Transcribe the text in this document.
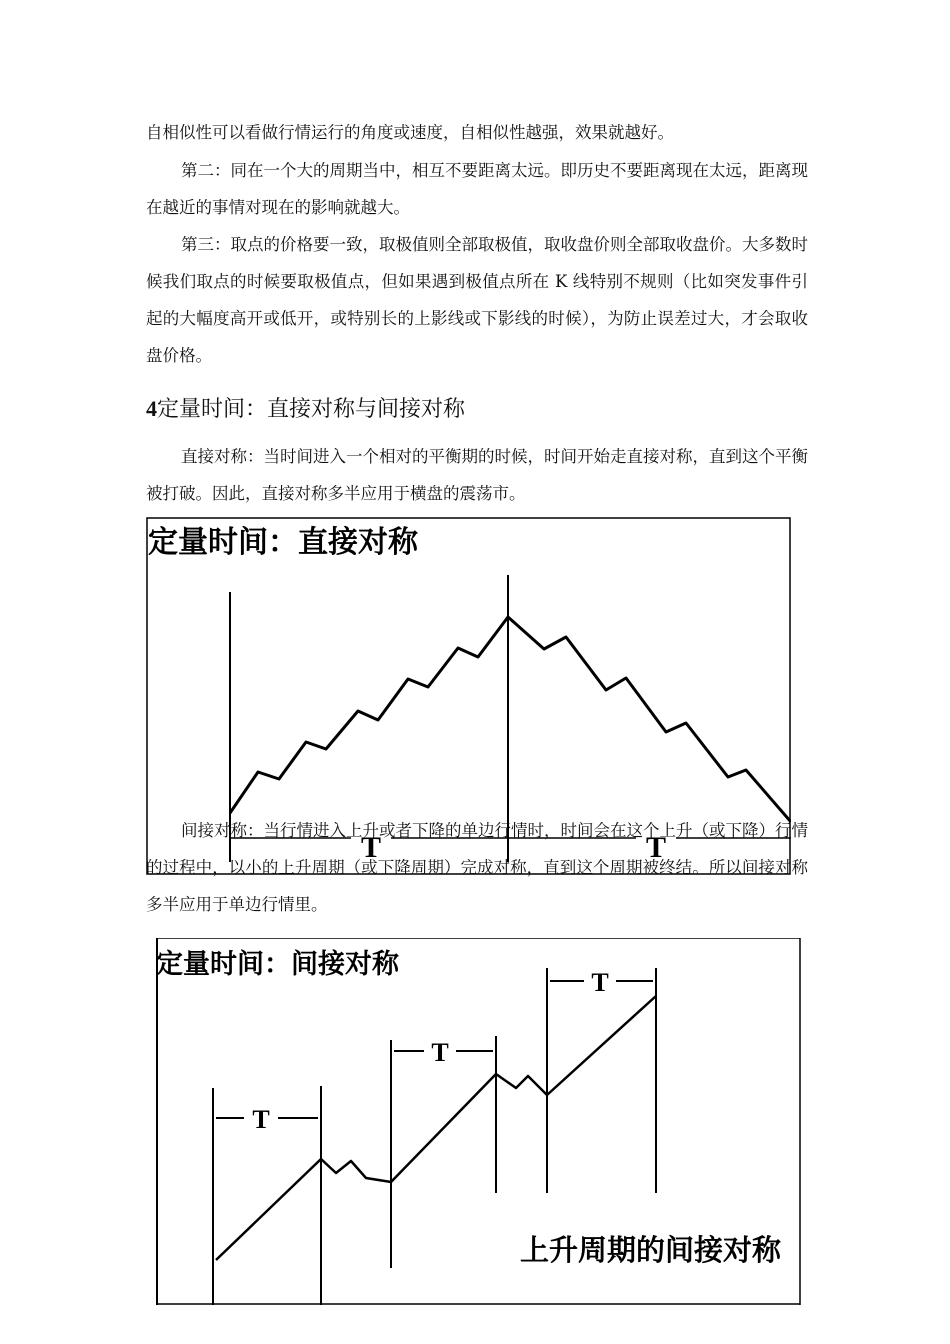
自相似性可以看做行情运行的角度或速度，自相似性越强，效果就越好。

第二：同在一个大的周期当中，相互不要距离太远。即历史不要距离现在太远，距离现在越近的事情对现在的影响就越大。

第三：取点的价格要一致，取极值则全部取极值，取收盘价则全部取收盘价。大多数时候我们取点的时候要取极值点，但如果遇到极值点所在 K 线特别不规则（比如突发事件引起的大幅度高开或低开，或特别长的上影线或下影线的时候），为防止误差过大，才会取收盘价格。

4定量时间：直接对称与间接对称

直接对称：当时间进入一个相对的平衡期的时候，时间开始走直接对称，直到这个平衡被打破。因此，直接对称多半应用于横盘的震荡市。

T	T
定量时间：直接对称

间接对称：当行情进入上升或者下降的单边行情时，时间会在这个上升（或下降）行情的过程中，以小的上升周期（或下降周期）完成对称，直到这个周期被终结。所以间接对称多半应用于单边行情里。

T
T
T
定量时间：间接对称
上升周期的间接对称
